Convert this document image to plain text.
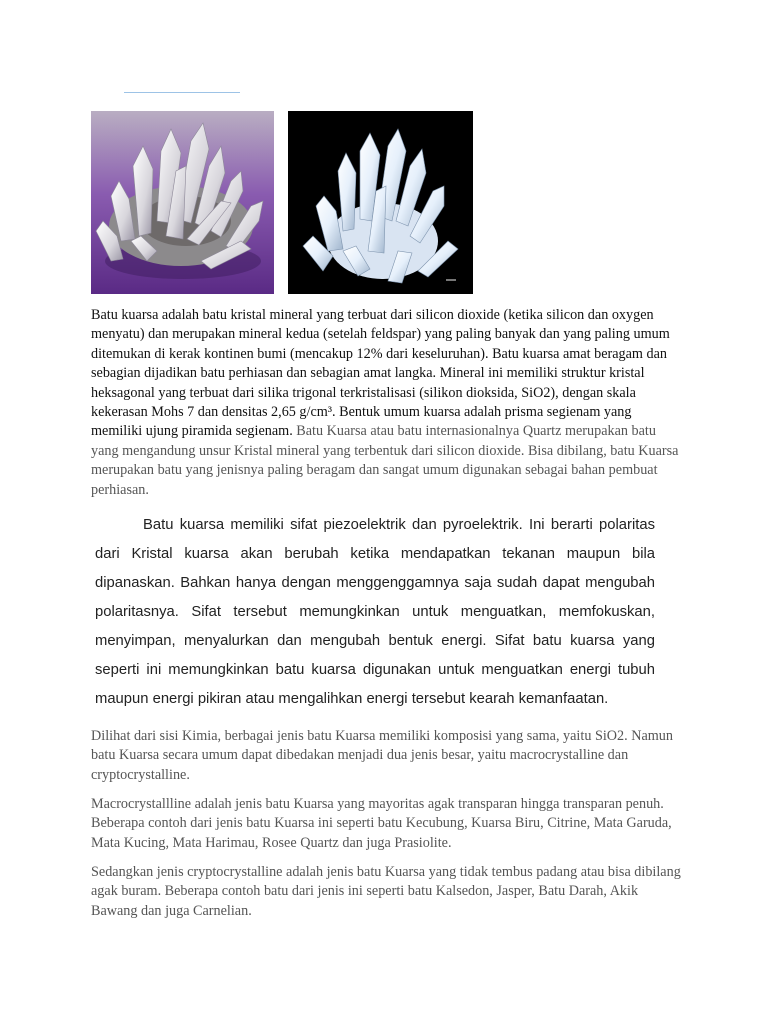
Batu kuarsa adalah batu kristal mineral yang terbuat dari silicon dioxide (ketika silicon dan oxygen menyatu) dan merupakan mineral kedua (setelah feldspar) yang paling banyak dan yang paling umum ditemukan di kerak kontinen bumi (mencakup 12% dari keseluruhan). Batu kuarsa amat beragam dan sebagian dijadikan batu perhiasan dan sebagian amat langka. Mineral ini memiliki struktur kristal heksagonal yang terbuat dari silika trigonal terkristalisasi (silikon dioksida, SiO2), dengan skala kekerasan Mohs 7 dan densitas 2,65 g/cm³. Bentuk umum kuarsa adalah prisma segienam yang memiliki ujung piramida segienam. Batu Kuarsa atau batu internasionalnya Quartz merupakan batu yang mengandung unsur Kristal mineral yang terbentuk dari silicon dioxide. Bisa dibilang, batu Kuarsa merupakan batu yang jenisnya paling beragam dan sangat umum digunakan sebagai bahan pembuat perhiasan.

Batu kuarsa memiliki sifat piezoelektrik dan pyroelektrik. Ini berarti polaritas dari Kristal kuarsa akan berubah ketika mendapatkan tekanan maupun bila dipanaskan. Bahkan hanya dengan menggenggamnya saja sudah dapat mengubah polaritasnya. Sifat tersebut memungkinkan untuk menguatkan, memfokuskan, menyimpan, menyalurkan dan mengubah bentuk energi. Sifat batu kuarsa yang seperti ini memungkinkan batu kuarsa digunakan untuk menguatkan energi tubuh maupun energi pikiran atau mengalihkan energi tersebut kearah kemanfaatan.

Dilihat dari sisi Kimia, berbagai jenis batu Kuarsa memiliki komposisi yang sama, yaitu SiO2. Namun batu Kuarsa secara umum dapat dibedakan menjadi dua jenis besar, yaitu macrocrystalline dan cryptocrystalline.

Macrocrystallline adalah jenis batu Kuarsa yang mayoritas agak transparan hingga transparan penuh. Beberapa contoh dari jenis batu Kuarsa ini seperti batu Kecubung, Kuarsa Biru, Citrine, Mata Garuda, Mata Kucing, Mata Harimau, Rosee Quartz dan juga Prasiolite.

Sedangkan jenis cryptocrystalline adalah jenis batu Kuarsa yang tidak tembus padang atau bisa dibilang agak buram. Beberapa contoh batu dari jenis ini seperti batu Kalsedon, Jasper, Batu Darah, Akik Bawang dan juga Carnelian.
